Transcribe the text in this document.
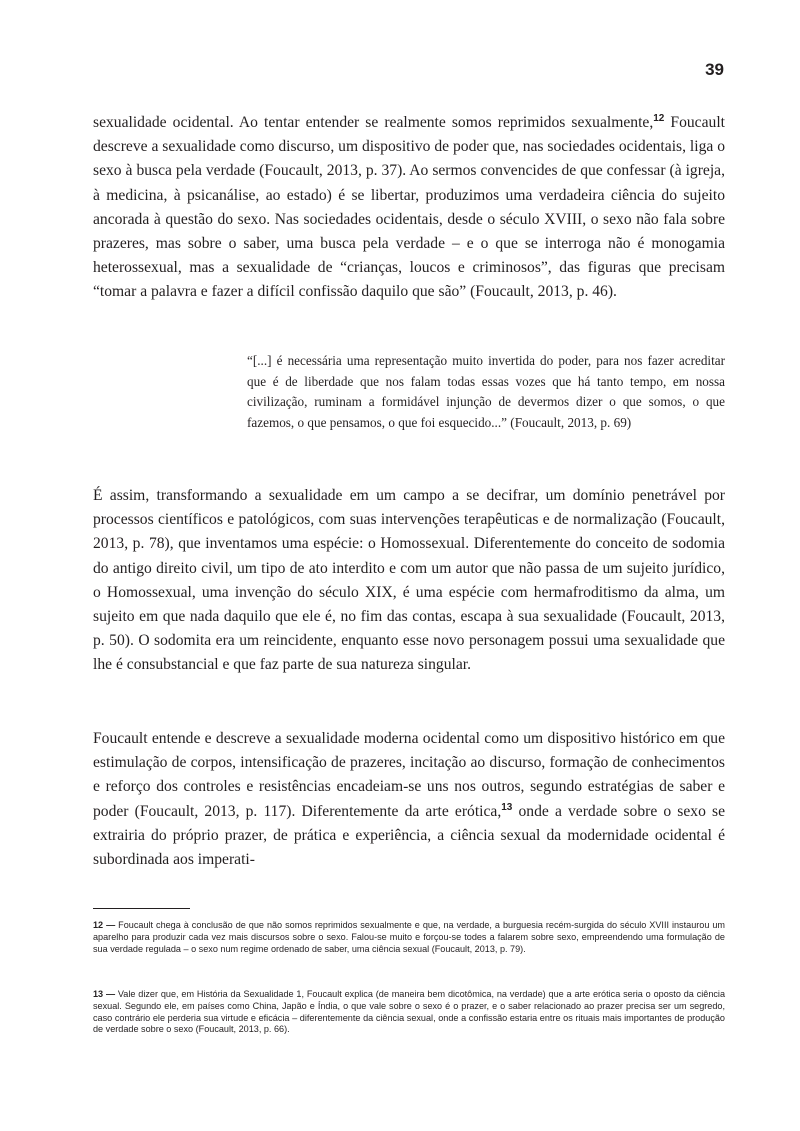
39

sexualidade ocidental. Ao tentar entender se realmente somos reprimidos sexualmente,$^{12}$ Foucault descreve a sexualidade como discurso, um dispositivo de poder que, nas sociedades ocidentais, liga o sexo à busca pela verdade (Foucault, 2013, p. 37). Ao sermos convencides de que confessar (à igreja, à medicina, à psicanálise, ao estado) é se libertar, produzimos uma verdadeira ciência do sujeito ancorada à questão do sexo. Nas sociedades ocidentais, desde o século XVIII, o sexo não fala sobre prazeres, mas sobre o saber, uma busca pela verdade – e o que se interroga não é monogamia heterossexual, mas a sexualidade de “crianças, loucos e criminosos”, das figuras que precisam “tomar a palavra e fazer a difícil confissão daquilo que são” (Foucault, 2013, p. 46).

“[...] é necessária uma representação muito invertida do poder, para nos fazer acreditar que é de liberdade que nos falam todas essas vozes que há tanto tempo, em nossa civilização, ruminam a formidável injunção de devermos dizer o que somos, o que fazemos, o que pensamos, o que foi esquecido...” (Foucault, 2013, p. 69)

É assim, transformando a sexualidade em um campo a se decifrar, um domínio penetrável por processos científicos e patológicos, com suas intervenções terapêuticas e de normalização (Foucault, 2013, p. 78), que inventamos uma espécie: o Homossexual. Diferentemente do conceito de sodomia do antigo direito civil, um tipo de ato interdito e com um autor que não passa de um sujeito jurídico, o Homossexual, uma invenção do século XIX, é uma espécie com hermafroditismo da alma, um sujeito em que nada daquilo que ele é, no fim das contas, escapa à sua sexualidade (Foucault, 2013, p. 50). O sodomita era um reincidente, enquanto esse novo personagem possui uma sexualidade que lhe é consubstancial e que faz parte de sua natureza singular.

Foucault entende e descreve a sexualidade moderna ocidental como um dispositivo histórico em que estimulação de corpos, intensificação de prazeres, incitação ao discurso, formação de conhecimentos e reforço dos controles e resistências encadeiam-se uns nos outros, segundo estratégias de saber e poder (Foucault, 2013, p. 117). Diferentemente da arte erótica,$^{13}$ onde a verdade sobre o sexo se extrairia do próprio prazer, de prática e experiência, a ciência sexual da modernidade ocidental é subordinada aos imperati-

12 — Foucault chega à conclusão de que não somos reprimidos sexualmente e que, na verdade, a burguesia recém-surgida do século XVIII instaurou um aparelho para produzir cada vez mais discursos sobre o sexo. Falou-se muito e forçou-se todes a falarem sobre sexo, empreendendo uma formulação de sua verdade regulada – o sexo num regime ordenado de saber, uma ciência sexual (Foucault, 2013, p. 79).

13 — Vale dizer que, em História da Sexualidade 1, Foucault explica (de maneira bem dicotômica, na verdade) que a arte erótica seria o oposto da ciência sexual. Segundo ele, em países como China, Japão e Índia, o que vale sobre o sexo é o prazer, e o saber relacionado ao prazer precisa ser um segredo, caso contrário ele perderia sua virtude e eficácia – diferentemente da ciência sexual, onde a confissão estaria entre os rituais mais importantes de produção de verdade sobre o sexo (Foucault, 2013, p. 66).
